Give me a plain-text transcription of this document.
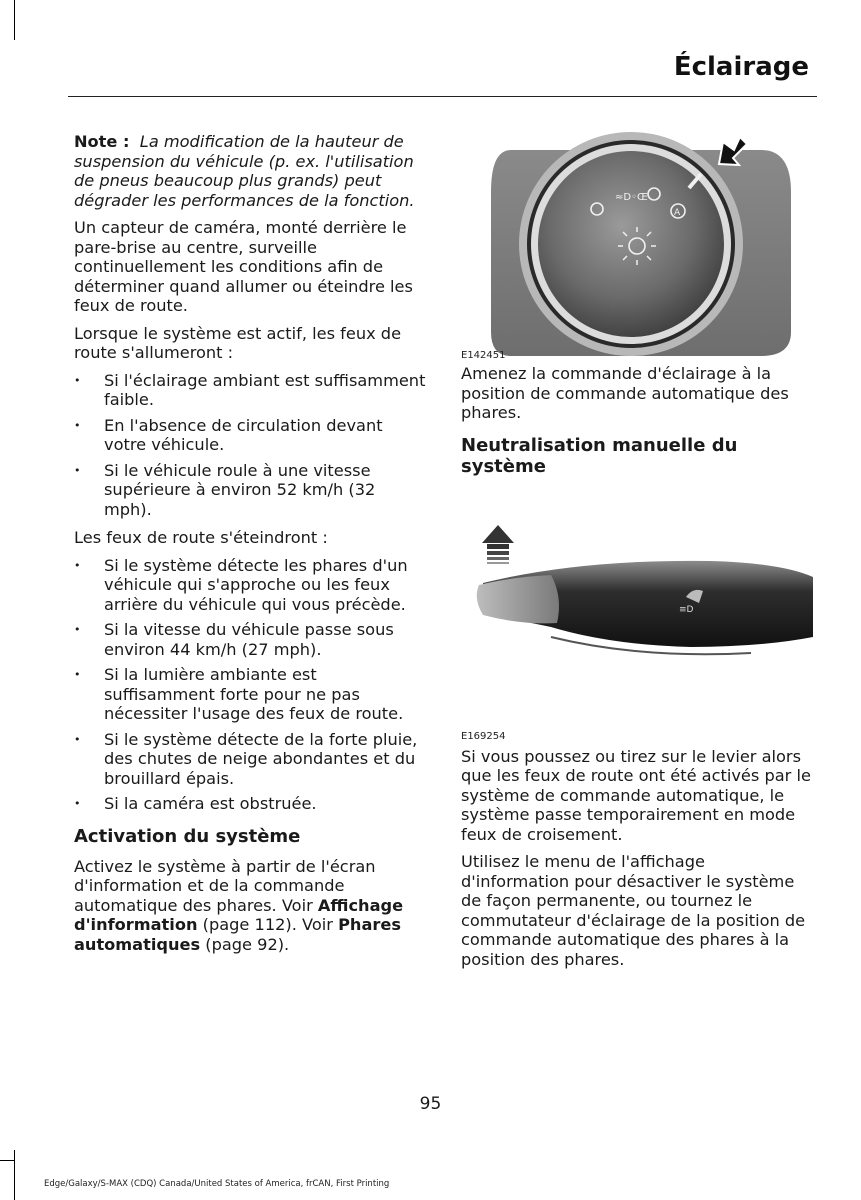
Éclairage

Note : La modification de la hauteur de suspension du véhicule (p. ex. l'utilisation de pneus beaucoup plus grands) peut dégrader les performances de la fonction.

Un capteur de caméra, monté derrière le pare-brise au centre, surveille continuellement les conditions afin de déterminer quand allumer ou éteindre les feux de route.

Lorsque le système est actif, les feux de route s'allumeront :

• Si l'éclairage ambiant est suffisamment faible.
• En l'absence de circulation devant votre véhicule.
• Si le véhicule roule à une vitesse supérieure à environ 52 km/h (32 mph).

Les feux de route s'éteindront :

• Si le système détecte les phares d'un véhicule qui s'approche ou les feux arrière du véhicule qui vous précède.
• Si la vitesse du véhicule passe sous environ 44 km/h (27 mph).
• Si la lumière ambiante est suffisamment forte pour ne pas nécessiter l'usage des feux de route.
• Si le système détecte de la forte pluie, des chutes de neige abondantes et du brouillard épais.
• Si la caméra est obstruée.
Activation du système

Activez le système à partir de l'écran d'information et de la commande automatique des phares. Voir Affichage d'information (page 112). Voir Phares automatiques (page 92).

≈D◦Œ
A
E142451

Amenez la commande d'éclairage à la position de commande automatique des phares.

Neutralisation manuelle du système
≡D
E169254

Si vous poussez ou tirez sur le levier alors que les feux de route ont été activés par le système de commande automatique, le système passe temporairement en mode feux de croisement.

Utilisez le menu de l'affichage d'information pour désactiver le système de façon permanente, ou tournez le commutateur d'éclairage de la position de commande automatique des phares à la position des phares.

95
Edge/Galaxy/S-MAX (CDQ) Canada/United States of America, frCAN, First Printing
